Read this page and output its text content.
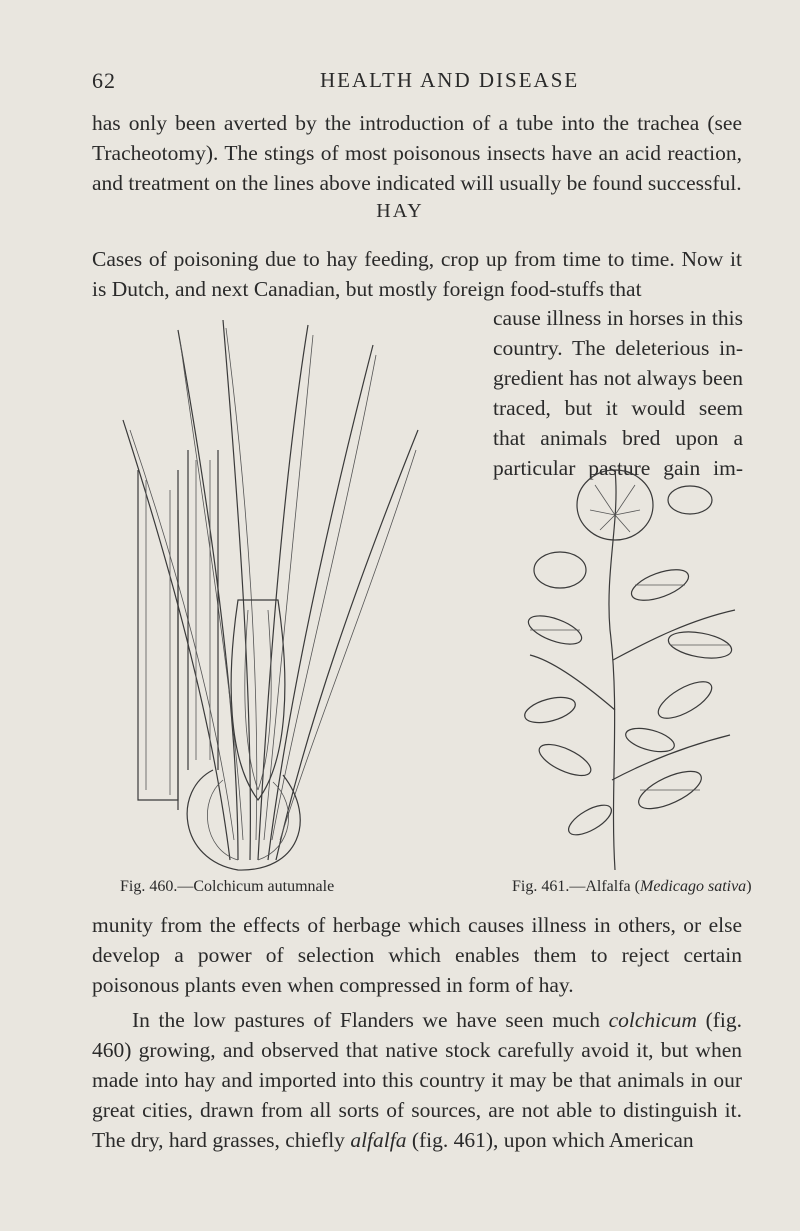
62	HEALTH AND DISEASE

has only been averted by the introduction of a tube into the trachea (see Tracheotomy). The stings of most poisonous insects have an acid reaction, and treatment on the lines above indicated will usually be found successful.

HAY

Cases of poisoning due to hay feeding, crop up from time to time. Now it is Dutch, and next Canadian, but mostly foreign food-stuffs that

cause illness in horses in this country. The deleterious in-gredient has not always been traced, but it would seem that animals bred upon a particular pasture gain im-

Fig. 460.—Colchicum autumnale	Fig. 461.—Alfalfa (Medicago sativa)

munity from the effects of herbage which causes illness in others, or else develop a power of selection which enables them to reject certain poisonous plants even when compressed in form of hay.

In the low pastures of Flanders we have seen much colchicum (fig. 460) growing, and observed that native stock carefully avoid it, but when made into hay and imported into this country it may be that animals in our great cities, drawn from all sorts of sources, are not able to distinguish it. The dry, hard grasses, chiefly alfalfa (fig. 461), upon which American
